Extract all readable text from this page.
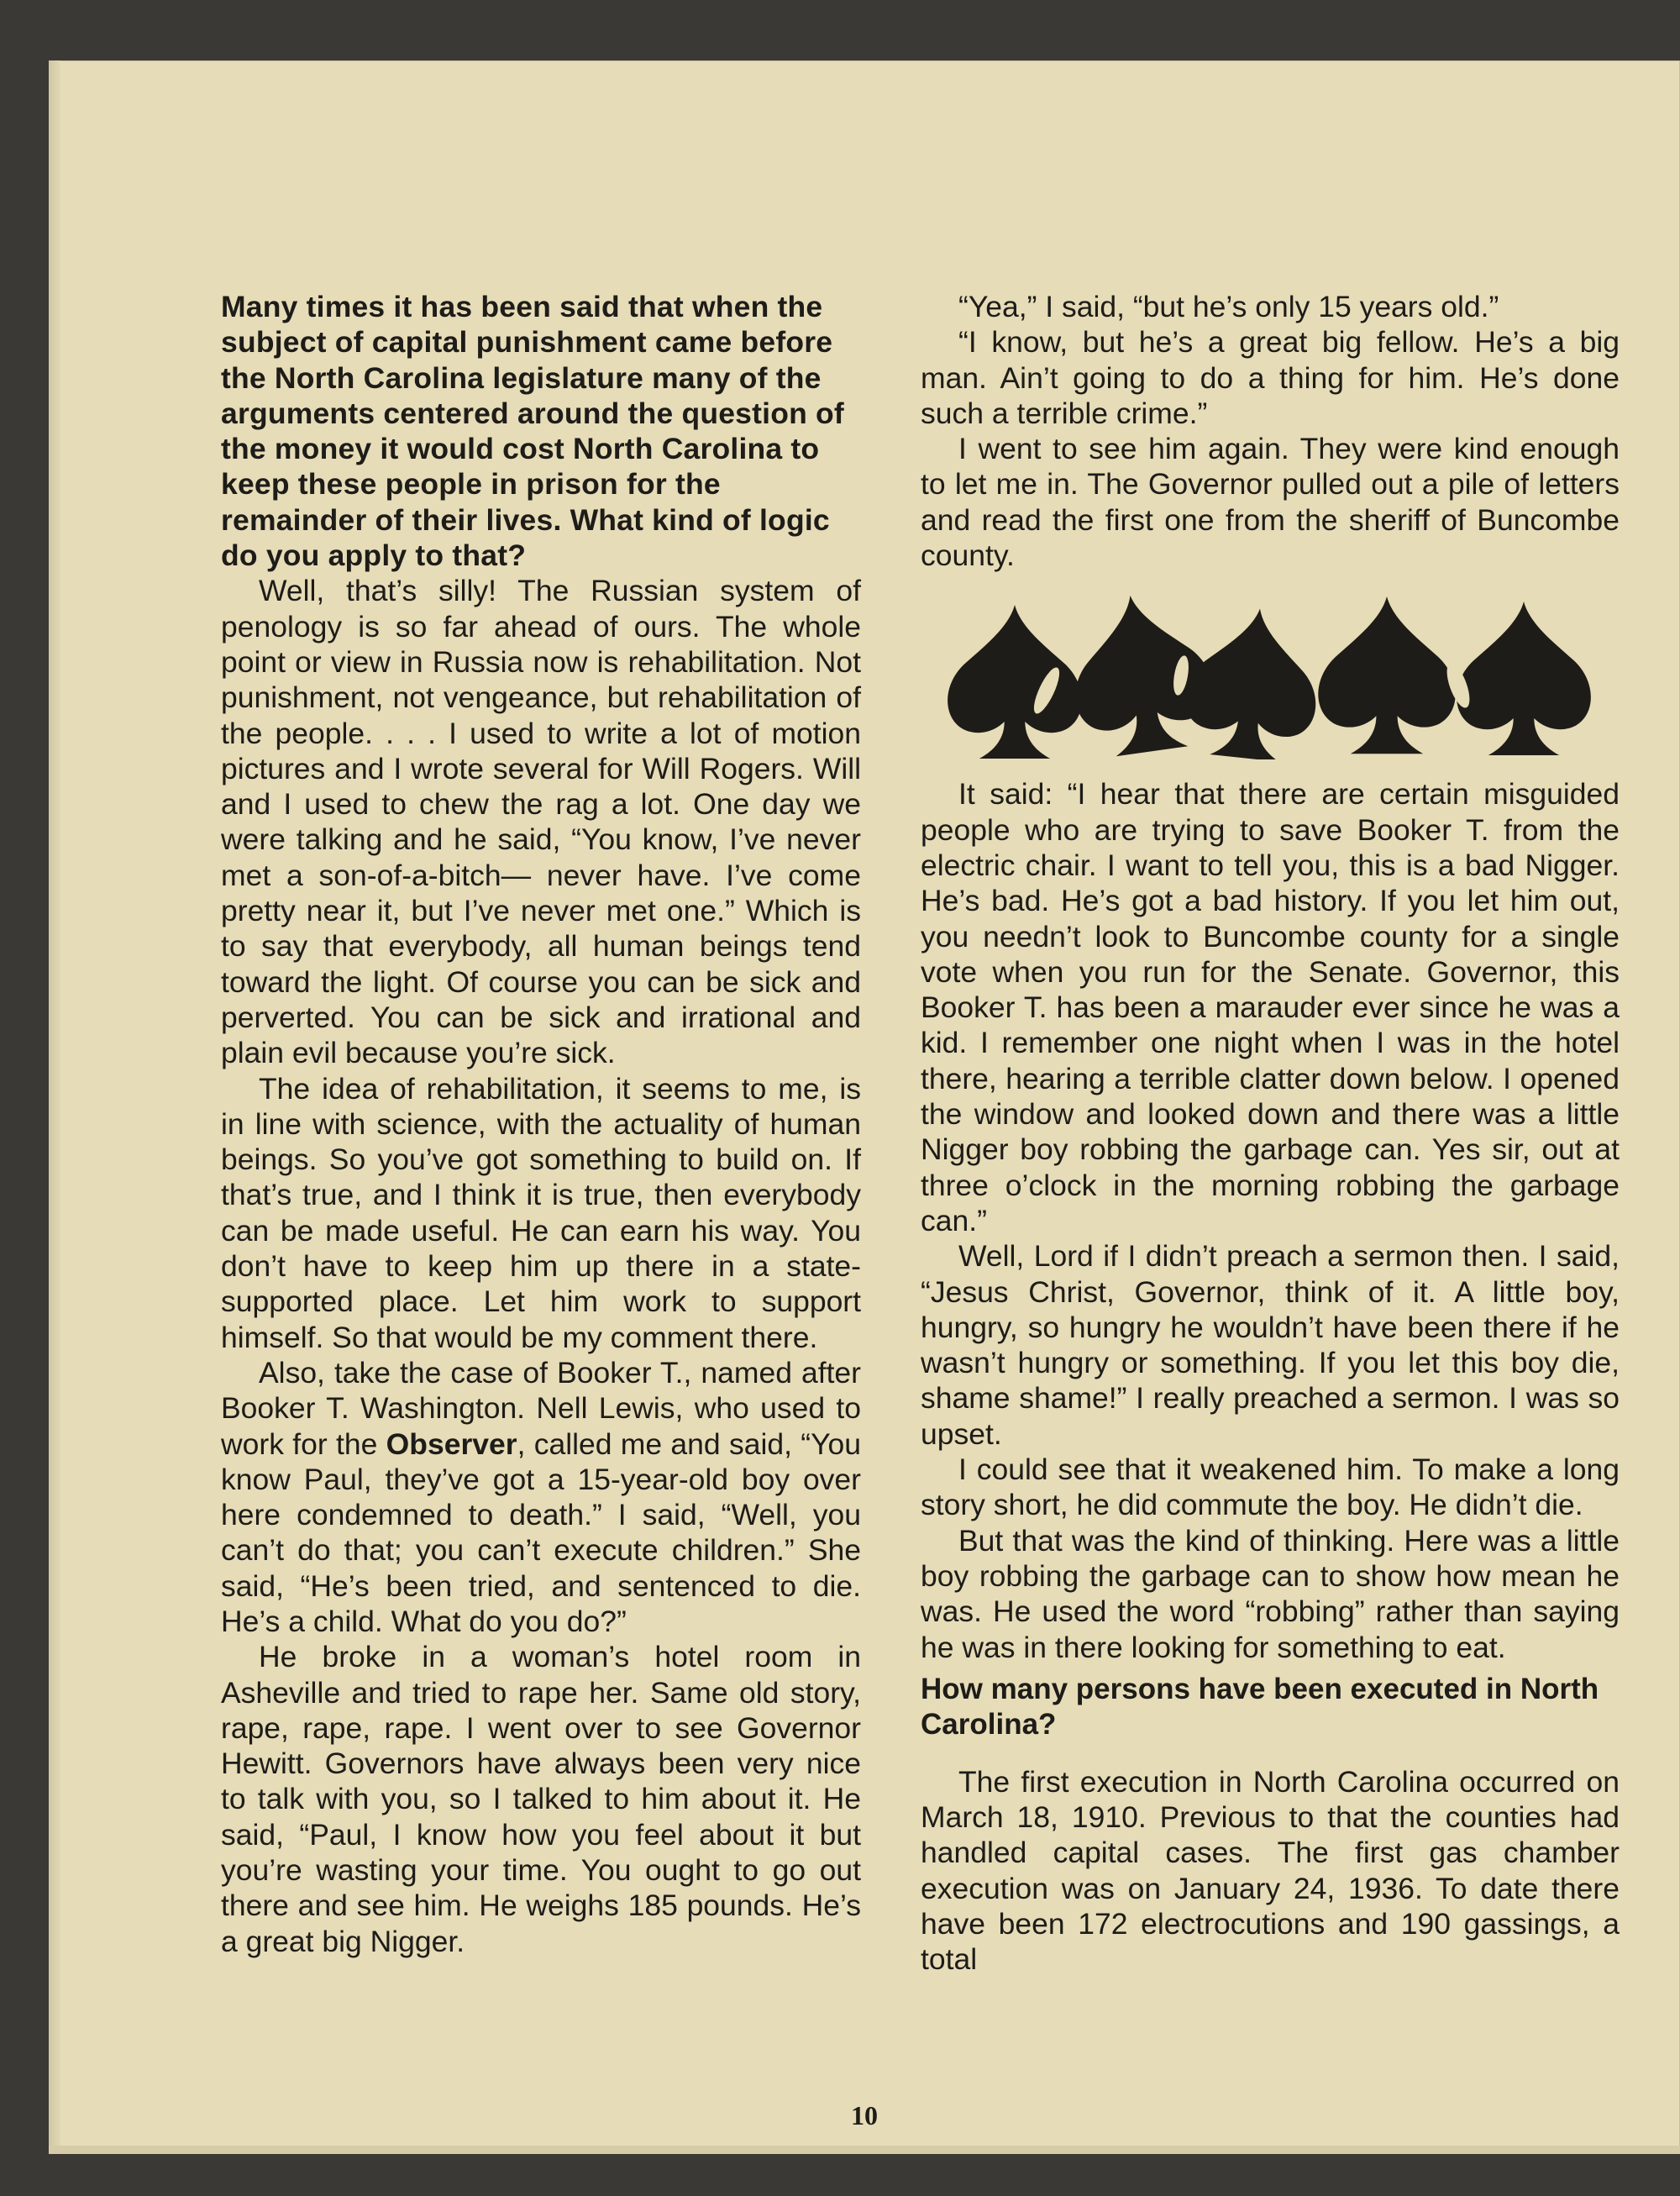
Many times it has been said that when the subject of capital punishment came before the North Carolina legislature many of the arguments centered around the question of the money it would cost North Carolina to keep these people in prison for the remainder of their lives. What kind of logic do you apply to that?

Well, that’s silly! The Russian system of penology is so far ahead of ours. The whole point or view in Russia now is rehabilitation. Not punishment, not vengeance, but rehabilitation of the people. . . . I used to write a lot of motion pictures and I wrote several for Will Rogers. Will and I used to chew the rag a lot. One day we were talking and he said, “You know, I’ve never met a son-of-a-bitch— never have. I’ve come pretty near it, but I’ve never met one.” Which is to say that everybody, all human beings tend toward the light. Of course you can be sick and perverted. You can be sick and irrational and plain evil because you’re sick.

The idea of rehabilitation, it seems to me, is in line with science, with the actuality of human beings. So you’ve got something to build on. If that’s true, and I think it is true, then everybody can be made useful. He can earn his way. You don’t have to keep him up there in a state-supported place. Let him work to support himself. So that would be my comment there.

Also, take the case of Booker T., named after Booker T. Washington. Nell Lewis, who used to work for the Observer, called me and said, “You know Paul, they’ve got a 15-year-old boy over here condemned to death.” I said, “Well, you can’t do that; you can’t execute children.” She said, “He’s been tried, and sentenced to die. He’s a child. What do you do?”

He broke in a woman’s hotel room in Asheville and tried to rape her. Same old story, rape, rape, rape. I went over to see Governor Hewitt. Governors have always been very nice to talk with you, so I talked to him about it. He said, “Paul, I know how you feel about it but you’re wasting your time. You ought to go out there and see him. He weighs 185 pounds. He’s a great big Nigger.

“Yea,” I said, “but he’s only 15 years old.”

“I know, but he’s a great big fellow. He’s a big man. Ain’t going to do a thing for him. He’s done such a terrible crime.”

I went to see him again. They were kind enough to let me in. The Governor pulled out a pile of letters and read the first one from the sheriff of Buncombe county.

It said: “I hear that there are certain misguided people who are trying to save Booker T. from the electric chair. I want to tell you, this is a bad Nigger. He’s bad. He’s got a bad history. If you let him out, you needn’t look to Buncombe county for a single vote when you run for the Senate. Governor, this Booker T. has been a marauder ever since he was a kid. I remember one night when I was in the hotel there, hearing a terrible clatter down below. I opened the window and looked down and there was a little Nigger boy robbing the garbage can. Yes sir, out at three o’clock in the morning robbing the garbage can.”

Well, Lord if I didn’t preach a sermon then. I said, “Jesus Christ, Governor, think of it. A little boy, hungry, so hungry he wouldn’t have been there if he wasn’t hungry or something. If you let this boy die, shame shame!” I really preached a sermon. I was so upset.

I could see that it weakened him. To make a long story short, he did commute the boy. He didn’t die.

But that was the kind of thinking. Here was a little boy robbing the garbage can to show how mean he was. He used the word “robbing” rather than saying he was in there looking for something to eat.

How many persons have been executed in North Carolina?

The first execution in North Carolina occurred on March 18, 1910. Previous to that the counties had handled capital cases. The first gas chamber execution was on January 24, 1936. To date there have been 172 electrocutions and 190 gassings, a total

10
